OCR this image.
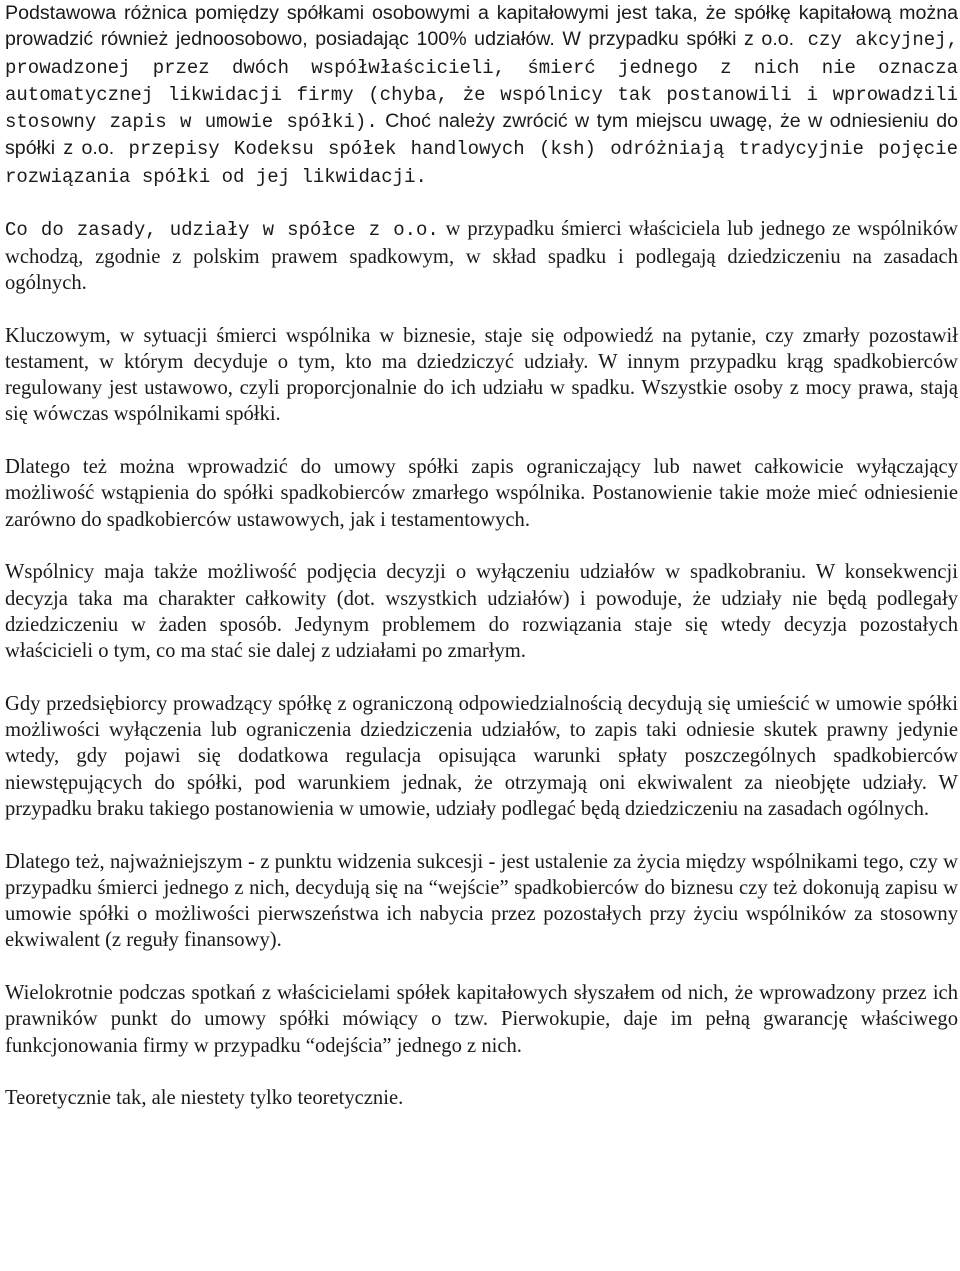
Podstawowa różnica pomiędzy spółkami osobowymi a kapitałowymi jest taka, że spółkę kapitałową można prowadzić również jednoosobowo, posiadając 100% udziałów. W przypadku spółki z o.o. czy akcyjnej, prowadzonej przez dwóch współwłaścicieli, śmierć jednego z nich nie oznacza automatycznej likwidacji firmy (chyba, że wspólnicy tak postanowili i wprowadzili stosowny zapis w umowie spółki). Choć należy zwrócić w tym miejscu uwagę, że w odniesieniu do spółki z o.o. przepisy Kodeksu spółek handlowych (ksh) odróżniają tradycyjnie pojęcie rozwiązania spółki od jej likwidacji.

Co do zasady, udziały w spółce z o.o. w przypadku śmierci właściciela lub jednego ze wspólników wchodzą, zgodnie z polskim prawem spadkowym, w skład spadku i podlegają dziedziczeniu na zasadach ogólnych.

Kluczowym, w sytuacji śmierci wspólnika w biznesie, staje się odpowiedź na pytanie, czy zmarły pozostawił testament, w którym decyduje o tym, kto ma dziedziczyć udziały. W innym przypadku krąg spadkobierców regulowany jest ustawowo, czyli proporcjonalnie do ich udziału w spadku. Wszystkie osoby z mocy prawa, stają się wówczas wspólnikami spółki.

Dlatego też można wprowadzić do umowy spółki zapis ograniczający lub nawet całkowicie wyłączający możliwość wstąpienia do spółki spadkobierców zmarłego wspólnika. Postanowienie takie może mieć odniesienie zarówno do spadkobierców ustawowych, jak i testamentowych.

Wspólnicy maja także możliwość podjęcia decyzji o wyłączeniu udziałów w spadkobraniu. W konsekwencji decyzja taka ma charakter całkowity (dot. wszystkich udziałów) i powoduje, że udziały nie będą podlegały dziedziczeniu w żaden sposób. Jedynym problemem do rozwiązania staje się wtedy decyzja pozostałych właścicieli o tym, co ma stać sie dalej z udziałami po zmarłym.

Gdy przedsiębiorcy prowadzący spółkę z ograniczoną odpowiedzialnością decydują się umieścić w umowie spółki możliwości wyłączenia lub ograniczenia dziedziczenia udziałów, to zapis taki odniesie skutek prawny jedynie wtedy, gdy pojawi się dodatkowa regulacja opisująca warunki spłaty poszczególnych spadkobierców niewstępujących do spółki, pod warunkiem jednak, że otrzymają oni ekwiwalent za nieobjęte udziały. W przypadku braku takiego postanowienia w umowie, udziały podlegać będą dziedziczeniu na zasadach ogólnych.

Dlatego też, najważniejszym - z punktu widzenia sukcesji - jest ustalenie za życia między wspólnikami tego, czy w przypadku śmierci jednego z nich, decydują się na “wejście” spadkobierców do biznesu czy też dokonują zapisu w umowie spółki o możliwości pierwszeństwa ich nabycia przez pozostałych przy życiu wspólników za stosowny ekwiwalent (z reguły finansowy).

Wielokrotnie podczas spotkań z właścicielami spółek kapitałowych słyszałem od nich, że wprowadzony przez ich prawników punkt do umowy spółki mówiący o tzw. Pierwokupie, daje im pełną gwarancję właściwego funkcjonowania firmy w przypadku “odejścia” jednego z nich.

Teoretycznie tak, ale niestety tylko teoretycznie.
